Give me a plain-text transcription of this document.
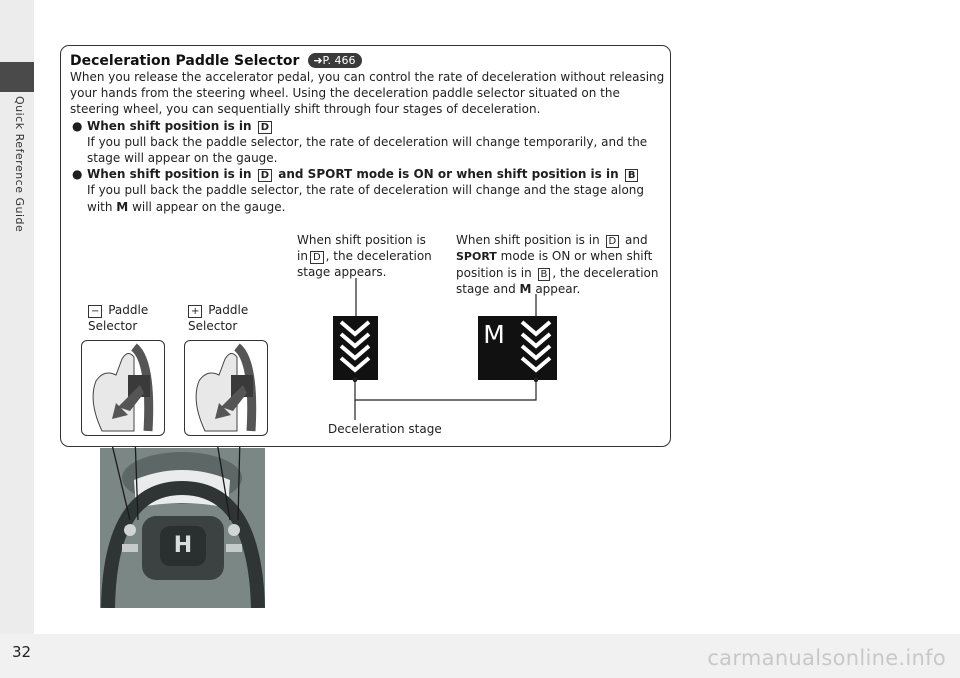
Quick Reference Guide
H
Deceleration Paddle Selector ➜P. 466

When you release the accelerator pedal, you can control the rate of deceleration without releasing your hands from the steering wheel. Using the deceleration paddle selector situated on the steering wheel, you can sequentially shift through four stages of deceleration.

● When shift position is in D

If you pull back the paddle selector, the rate of deceleration will change temporarily, and the stage will appear on the gauge.

● When shift position is in D and SPORT mode is ON or when shift position is in B

If you pull back the paddle selector, the rate of deceleration will change and the stage along with M will appear on the gauge.

When shift position is
in D , the deceleration
stage appears.
When shift position is in D and
SPORT mode is ON or when shift
position is in B , the deceleration
stage and M appear.
− Paddle
Selector
+ Paddle
Selector	M
Deceleration stage
32	carmanualsonline.info
